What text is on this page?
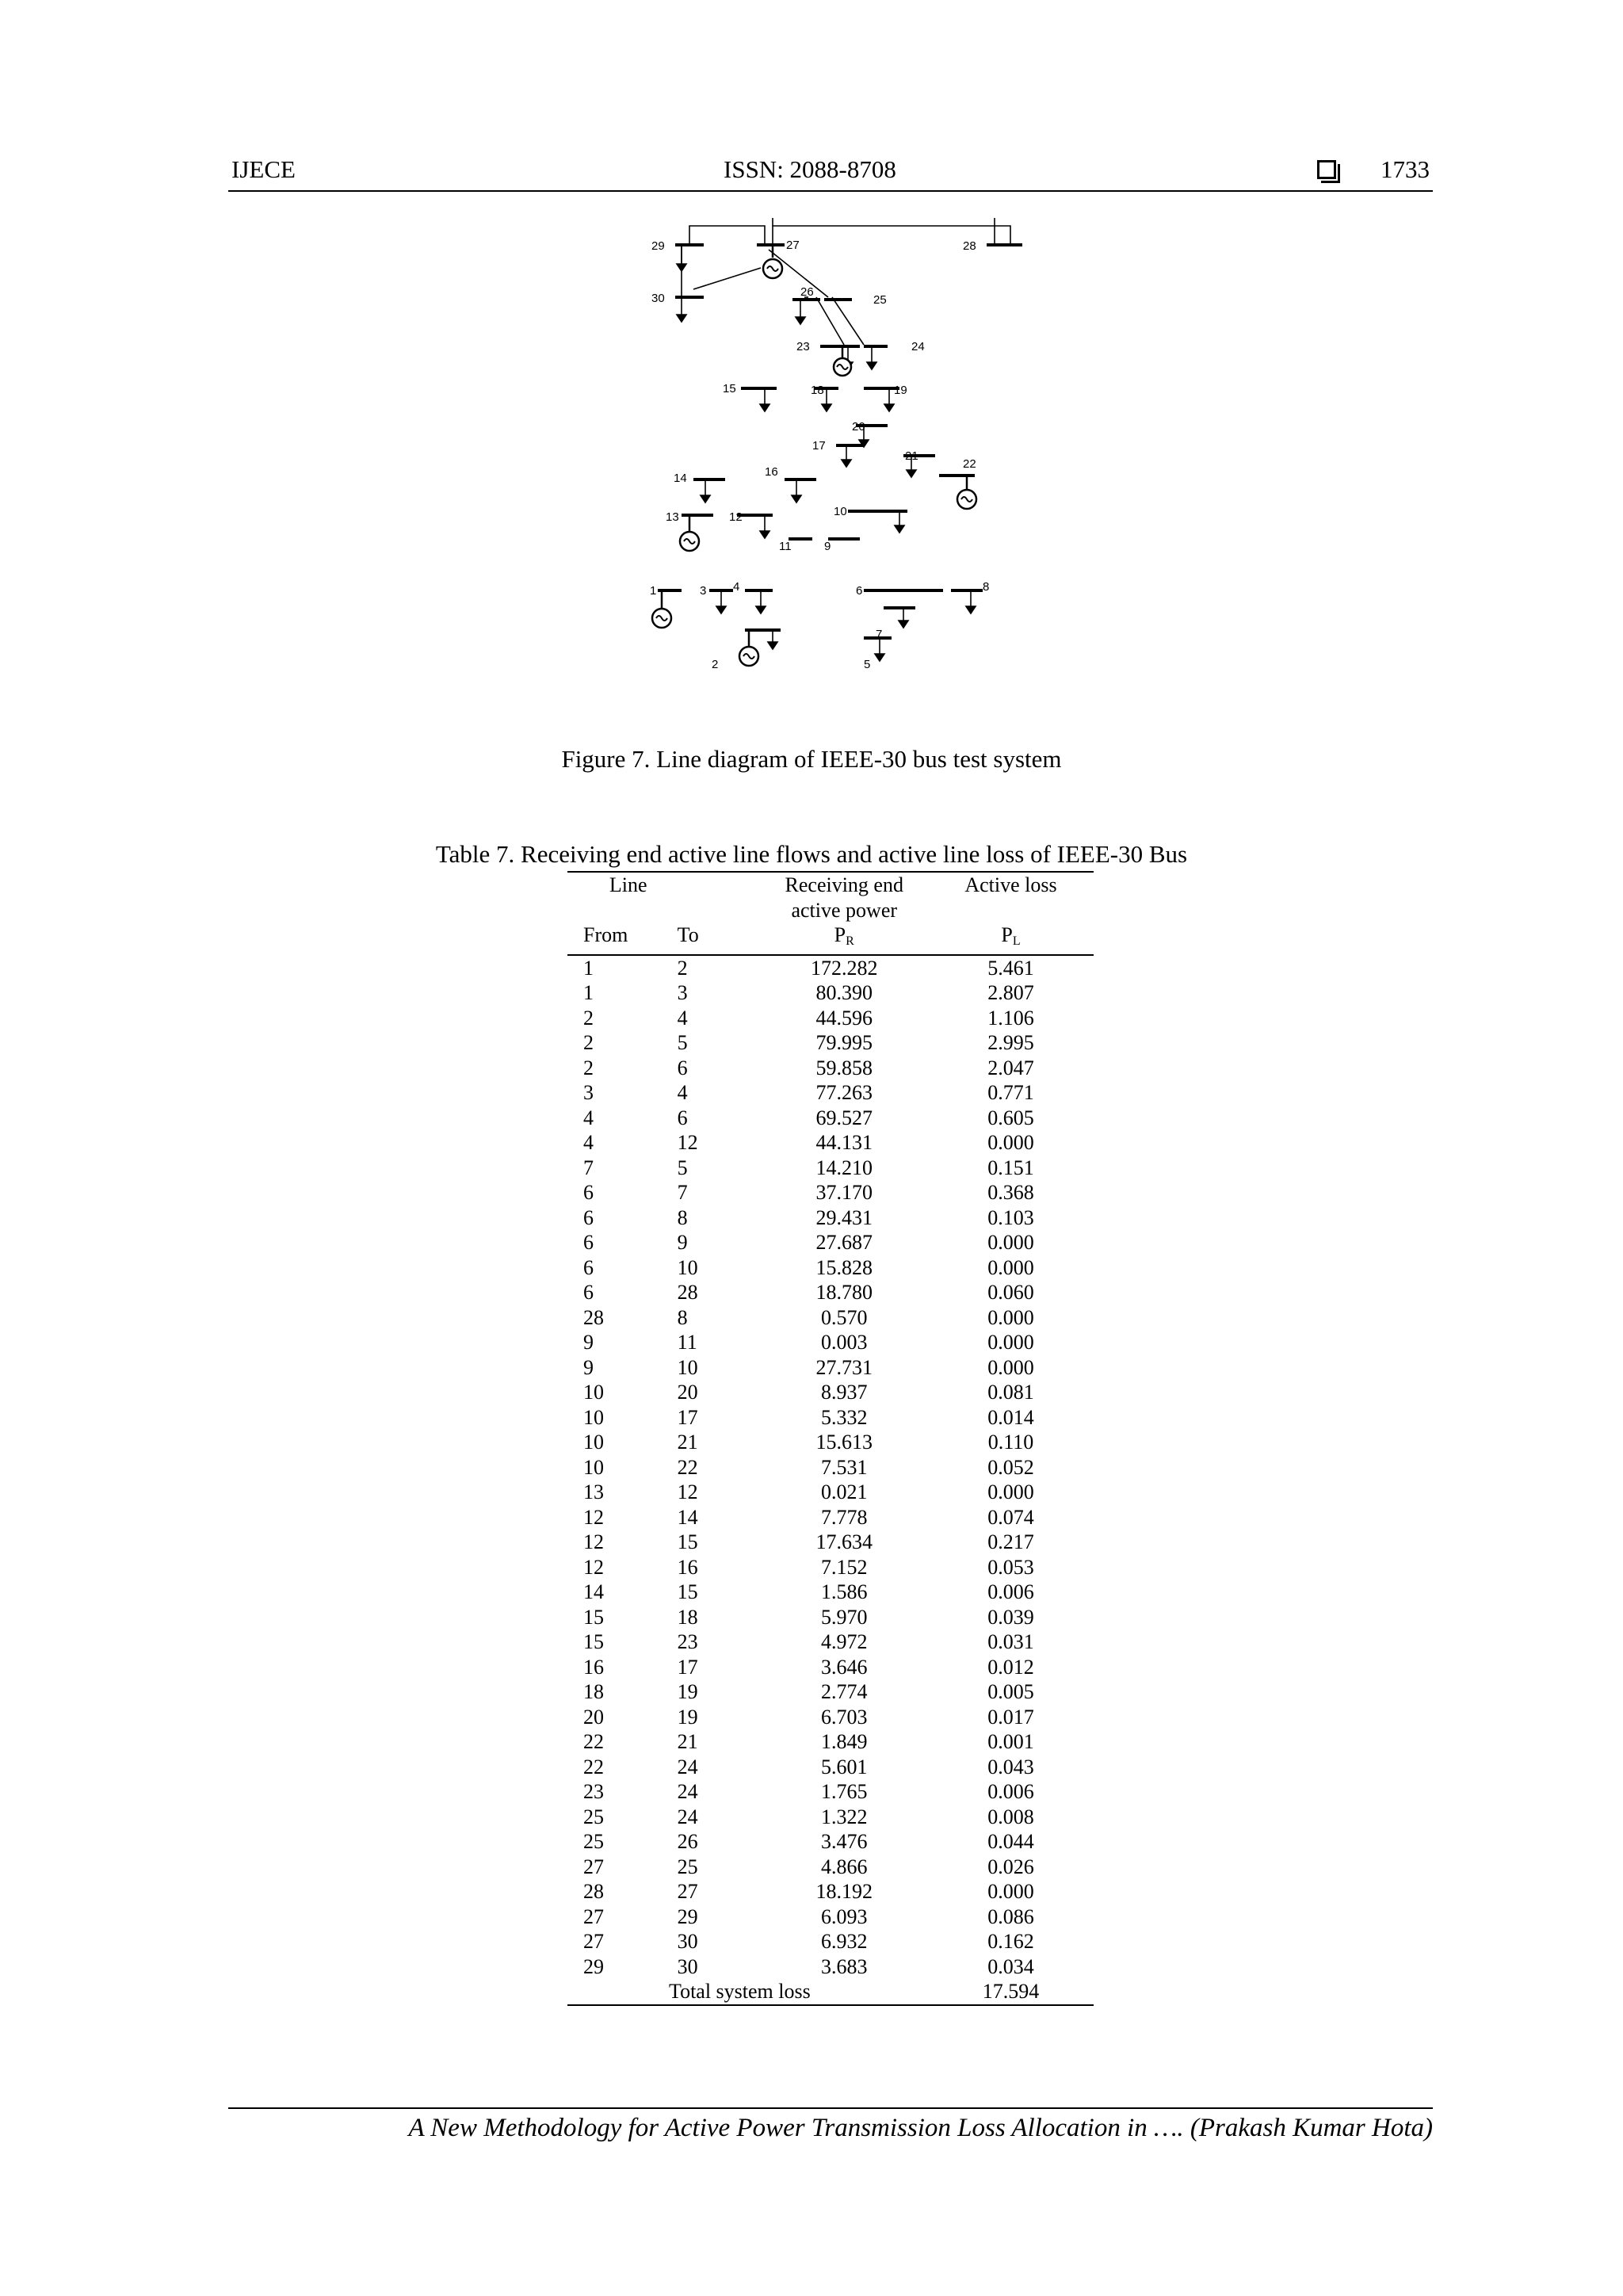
IJECE	ISSN: 2088-8708	1733
1
2
3 4
5
6
7
8
9
10
11
12
13
14
15
16
17
18	19
20
21
22
23	24
25
26
27	28
29
30
Figure 7. Line diagram of IEEE-30 bus test system
Table 7. Receiving end active line flows and active line loss of IEEE-30 Bus
Line		Receiving end active power	Active loss
From	To	$P_R$	$P_L$
1	2	172.282	5.461
1	3	80.390	2.807
2	4	44.596	1.106
2	5	79.995	2.995
2	6	59.858	2.047
3	4	77.263	0.771
4	6	69.527	0.605
4	12	44.131	0.000
7	5	14.210	0.151
6	7	37.170	0.368
6	8	29.431	0.103
6	9	27.687	0.000
6	10	15.828	0.000
6	28	18.780	0.060
28	8	0.570	0.000
9	11	0.003	0.000
9	10	27.731	0.000
10	20	8.937	0.081
10	17	5.332	0.014
10	21	15.613	0.110
10	22	7.531	0.052
13	12	0.021	0.000
12	14	7.778	0.074
12	15	17.634	0.217
12	16	7.152	0.053
14	15	1.586	0.006
15	18	5.970	0.039
15	23	4.972	0.031
16	17	3.646	0.012
18	19	2.774	0.005
20	19	6.703	0.017
22	21	1.849	0.001
22	24	5.601	0.043
23	24	1.765	0.006
25	24	1.322	0.008
25	26	3.476	0.044
27	25	4.866	0.026
28	27	18.192	0.000
27	29	6.093	0.086
27	30	6.932	0.162
29	30	3.683	0.034
Total system loss			17.594
A New Methodology for Active Power Transmission Loss Allocation in …. (Prakash Kumar Hota)
